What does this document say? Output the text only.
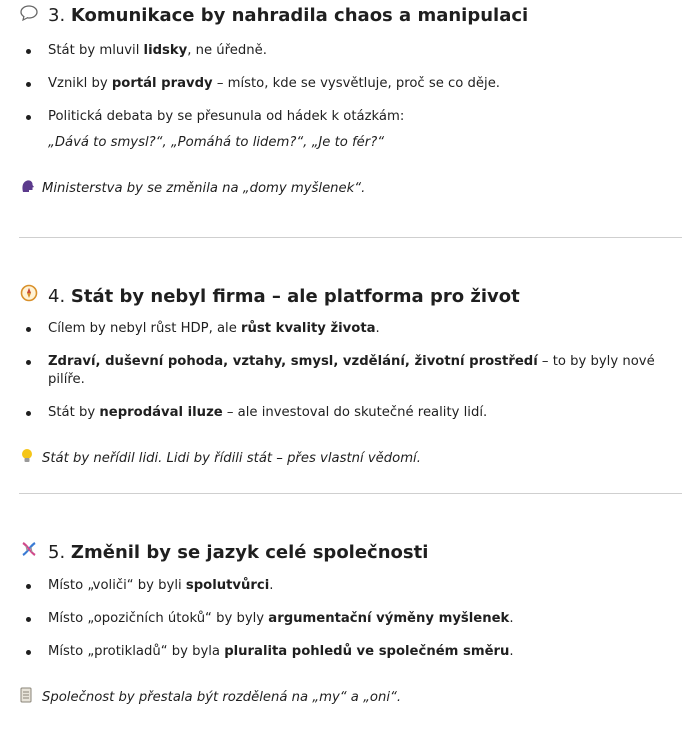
3.
Komunikace by nahradila chaos a manipulaci
Stát by mluvil lidsky, ne úředně.
Vznikl by portál pravdy – místo, kde se vysvětluje, proč se co děje.
Politická debata by se přesunula od hádek k otázkám:
„Dává to smysl?“, „Pomáhá to lidem?“, „Je to fér?“
Ministerstva by se změnila na „domy myšlenek“.
4.
Stát by nebyl firma – ale platforma pro život
Cílem by nebyl růst HDP, ale růst kvality života.
Zdraví, duševní pohoda, vztahy, smysl, vzdělání, životní prostředí – to by byly nové pilíře.
Stát by neprodával iluze – ale investoval do skutečné reality lidí.
Stát by neřídil lidi. Lidi by řídili stát – přes vlastní vědomí.
5.
Změnil by se jazyk celé společnosti
Místo „voliči“ by byli spolutvůrci.
Místo „opozičních útoků“ by byly argumentační výměny myšlenek.
Místo „protikladů“ by byla pluralita pohledů ve společném směru.
Společnost by přestala být rozdělená na „my“ a „oni“.
